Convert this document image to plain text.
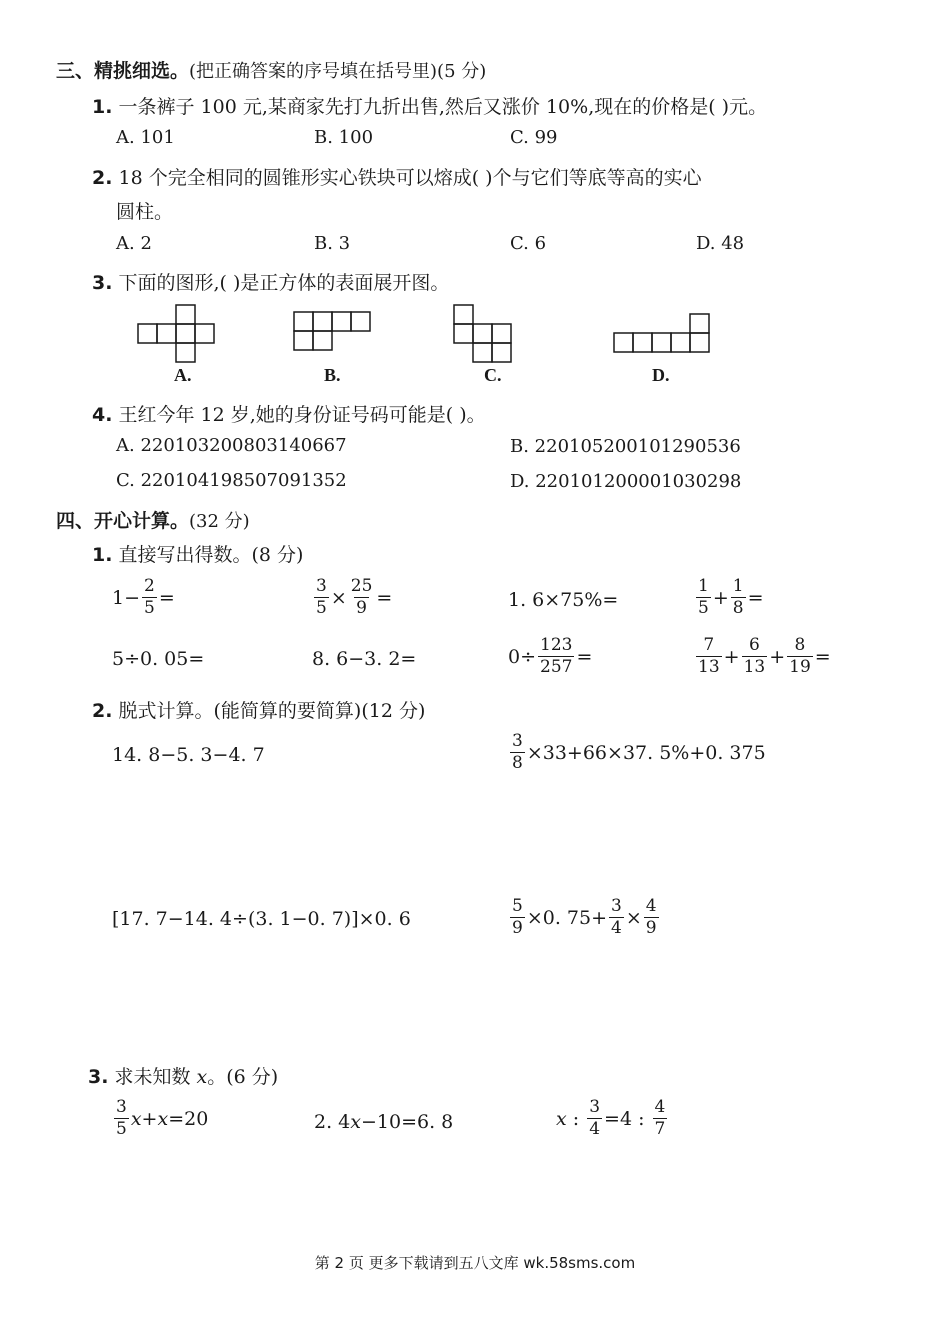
三、精挑细选。(把正确答案的序号填在括号里)(5 分)
1. 一条裤子 100 元,某商家先打九折出售,然后又涨价 10%,现在的价格是( )元。
A. 101	B. 100	C. 99
2. 18 个完全相同的圆锥形实心铁块可以熔成( )个与它们等底等高的实心
圆柱。
A. 2	B. 3	C. 6	D. 48
3. 下面的图形,( )是正方体的表面展开图。
A.	B.	C.	D.
4. 王红今年 12 岁,她的身份证号码可能是( )。
A. 220103200803140667	B. 220105200101290536
C. 220104198507091352	D. 220101200001030298
四、开心计算。(32 分)
1. 直接写出得数。(8 分)
$1- \frac{2}{5}$ =	$\frac{3}{5} \times \frac{25}{9}$ =	1. 6×75%=	$\frac{1}{5} + \frac{1}{8}$ =
5÷0. 05=	8. 6−3. 2=	$0\div \frac{123}{257}$ =	$\frac{7}{13} + \frac{6}{13} + \frac{8}{19}$ =
2. 脱式计算。(能简算的要简算)(12 分)
14. 8−5. 3−4. 7	$\frac{3}{8} \times 33+66\times 37$. 5%+0. 375
[17. 7−14. 4÷(3. 1−0. 7)]×0. 6	$\frac{5}{9} \times 0$. $75+ \frac{3}{4} \times \frac{4}{9}$
3. 求未知数 x。(6 分)
$\frac{3}{5}$ x + x =20	2. 4 x −10=6. 8	x : $\frac{3}{4} =4$ : $\frac{4}{7}$
第 2 页 更多下载请到五八文库 wk.58sms.com
